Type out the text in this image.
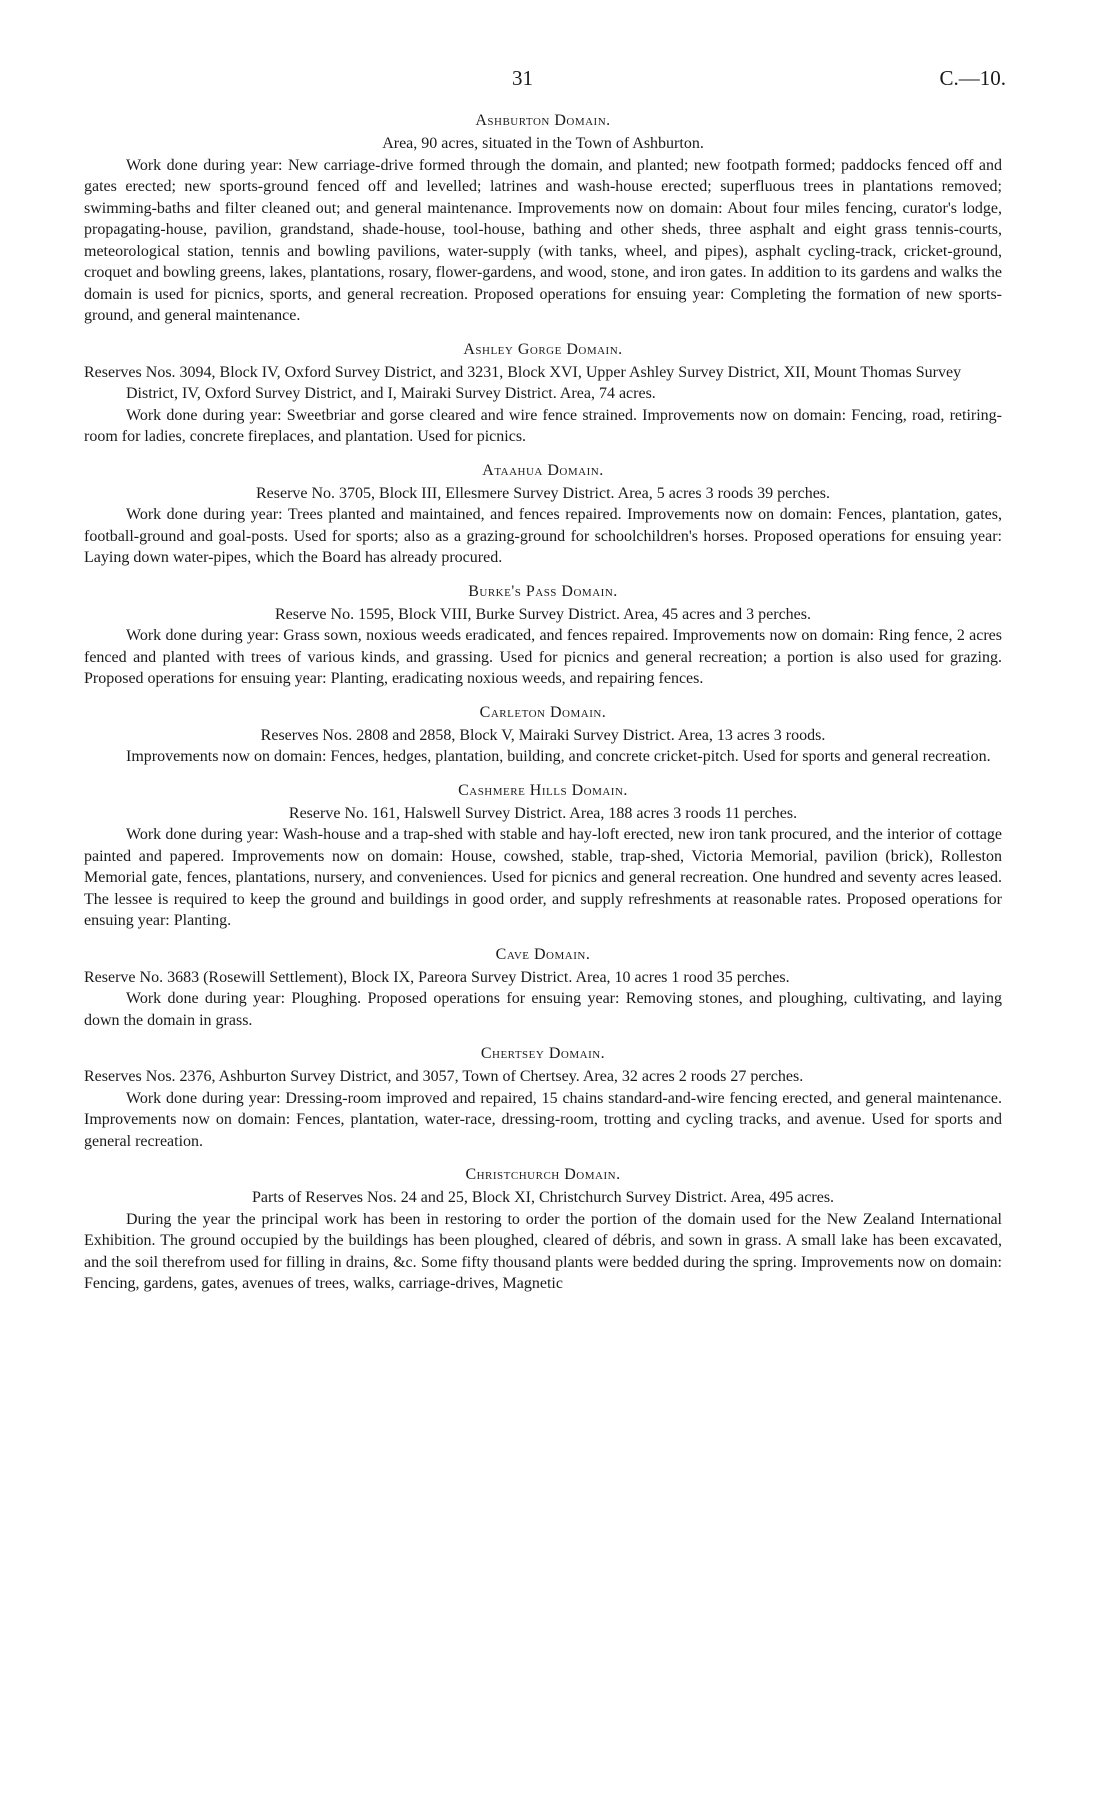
31	C.—10.
Ashburton Domain.

Area, 90 acres, situated in the Town of Ashburton.

Work done during year: New carriage-drive formed through the domain, and planted; new footpath formed; paddocks fenced off and gates erected; new sports-ground fenced off and levelled; latrines and wash-house erected; superfluous trees in plantations removed; swimming-baths and filter cleaned out; and general maintenance. Improvements now on domain: About four miles fencing, curator's lodge, propagating-house, pavilion, grandstand, shade-house, tool-house, bathing and other sheds, three asphalt and eight grass tennis-courts, meteorological station, tennis and bowling pavilions, water-supply (with tanks, wheel, and pipes), asphalt cycling-track, cricket-ground, croquet and bowling greens, lakes, plantations, rosary, flower-gardens, and wood, stone, and iron gates. In addition to its gardens and walks the domain is used for picnics, sports, and general recreation. Proposed operations for ensuing year: Completing the formation of new sports-ground, and general maintenance.

Ashley Gorge Domain.

Reserves Nos. 3094, Block IV, Oxford Survey District, and 3231, Block XVI, Upper Ashley Survey District, XII, Mount Thomas Survey District, IV, Oxford Survey District, and I, Mairaki Survey District. Area, 74 acres.

Work done during year: Sweetbriar and gorse cleared and wire fence strained. Improvements now on domain: Fencing, road, retiring-room for ladies, concrete fireplaces, and plantation. Used for picnics.

Ataahua Domain.

Reserve No. 3705, Block III, Ellesmere Survey District. Area, 5 acres 3 roods 39 perches.

Work done during year: Trees planted and maintained, and fences repaired. Improvements now on domain: Fences, plantation, gates, football-ground and goal-posts. Used for sports; also as a grazing-ground for schoolchildren's horses. Proposed operations for ensuing year: Laying down water-pipes, which the Board has already procured.

Burke's Pass Domain.

Reserve No. 1595, Block VIII, Burke Survey District. Area, 45 acres and 3 perches.

Work done during year: Grass sown, noxious weeds eradicated, and fences repaired. Improvements now on domain: Ring fence, 2 acres fenced and planted with trees of various kinds, and grassing. Used for picnics and general recreation; a portion is also used for grazing. Proposed operations for ensuing year: Planting, eradicating noxious weeds, and repairing fences.

Carleton Domain.

Reserves Nos. 2808 and 2858, Block V, Mairaki Survey District. Area, 13 acres 3 roods.

Improvements now on domain: Fences, hedges, plantation, building, and concrete cricket-pitch. Used for sports and general recreation.

Cashmere Hills Domain.

Reserve No. 161, Halswell Survey District. Area, 188 acres 3 roods 11 perches.

Work done during year: Wash-house and a trap-shed with stable and hay-loft erected, new iron tank procured, and the interior of cottage painted and papered. Improvements now on domain: House, cowshed, stable, trap-shed, Victoria Memorial, pavilion (brick), Rolleston Memorial gate, fences, plantations, nursery, and conveniences. Used for picnics and general recreation. One hundred and seventy acres leased. The lessee is required to keep the ground and buildings in good order, and supply refreshments at reasonable rates. Proposed operations for ensuing year: Planting.

Cave Domain.

Reserve No. 3683 (Rosewill Settlement), Block IX, Pareora Survey District. Area, 10 acres 1 rood 35 perches.

Work done during year: Ploughing. Proposed operations for ensuing year: Removing stones, and ploughing, cultivating, and laying down the domain in grass.

Chertsey Domain.

Reserves Nos. 2376, Ashburton Survey District, and 3057, Town of Chertsey. Area, 32 acres 2 roods 27 perches.

Work done during year: Dressing-room improved and repaired, 15 chains standard-and-wire fencing erected, and general maintenance. Improvements now on domain: Fences, plantation, water-race, dressing-room, trotting and cycling tracks, and avenue. Used for sports and general recreation.

Christchurch Domain.

Parts of Reserves Nos. 24 and 25, Block XI, Christchurch Survey District. Area, 495 acres.

During the year the principal work has been in restoring to order the portion of the domain used for the New Zealand International Exhibition. The ground occupied by the buildings has been ploughed, cleared of débris, and sown in grass. A small lake has been excavated, and the soil therefrom used for filling in drains, &c. Some fifty thousand plants were bedded during the spring. Improvements now on domain: Fencing, gardens, gates, avenues of trees, walks, carriage-drives, Magnetic
